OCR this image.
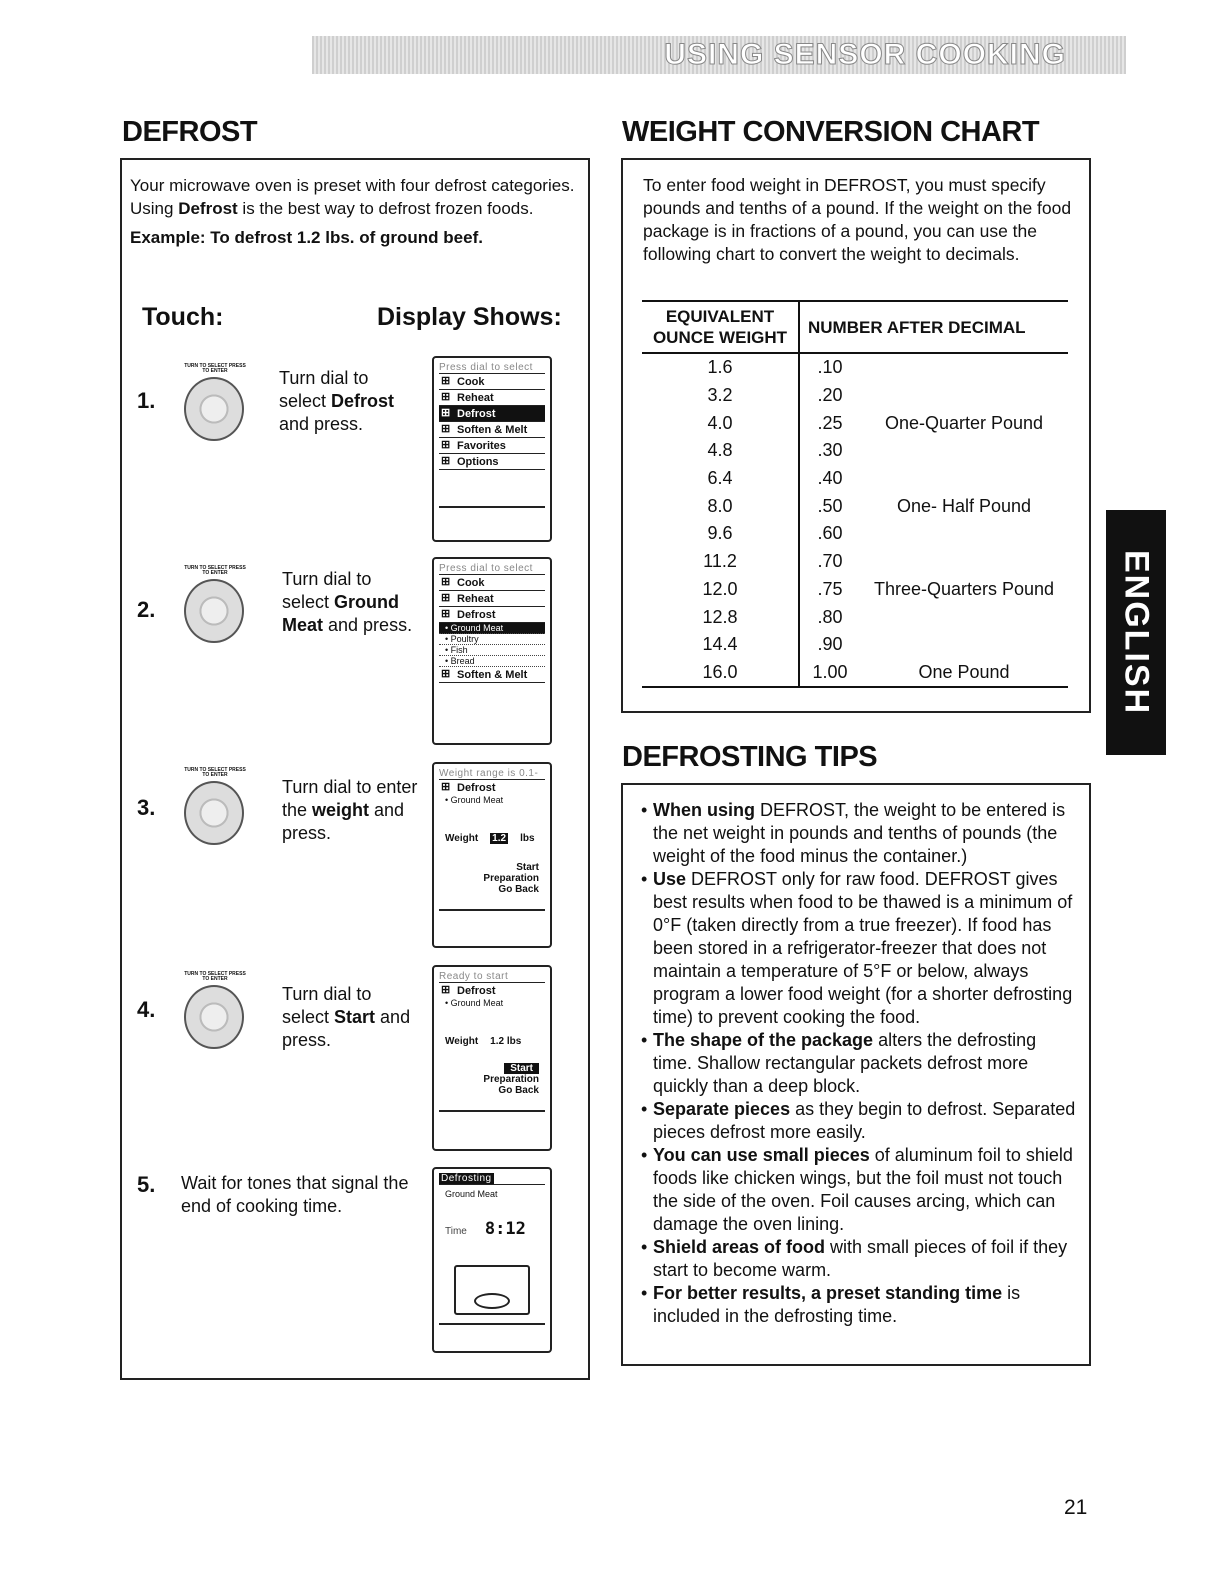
USING SENSOR COOKING
DEFROST

Your microwave oven is preset with four defrost categories. Using Defrost is the best way to defrost frozen foods.

Example: To defrost 1.2 lbs. of ground beef.

Touch:	Display Shows:
1.
TURN TO SELECT PRESS TO ENTER	Turn dial to select Defrost and press.
Press dial to select
⊞ Cook
⊞ Reheat
⊞ Defrost
⊞ Soften & Melt
⊞ Favorites
⊞ Options
2.
TURN TO SELECT PRESS TO ENTER	Turn dial to select Ground Meat and press.
Press dial to select
⊞ Cook
⊞ Reheat
⊞ Defrost
• Ground Meat
• Poultry
• Fish
• Bread
⊞ Soften & Melt
3.
TURN TO SELECT PRESS TO ENTER
Turn dial to enter the weight and press.
Weight range is 0.1-
⊞ Defrost
• Ground Meat
Weight 1.2 lbs
Start
Preparation
Go Back
4.
TURN TO SELECT PRESS TO ENTER
Turn dial to select Start and press.
Ready to start
⊞ Defrost
• Ground Meat
Weight 1.2 lbs
Start
Preparation
Go Back
5. Wait for tones that signal the end of cooking time.
Defrosting
Ground Meat
Time 8:12
WEIGHT CONVERSION CHART

To enter food weight in DEFROST, you must specify pounds and tenths of a pound. If the weight on the food package is in fractions of a pound, you can use the following chart to convert the weight to decimals.

EQUIVALENT OUNCE WEIGHT
NUMBER AFTER DECIMAL
1.6	.10
3.2	.20
4.0	.25	One-Quarter Pound
4.8	.30
6.4	.40
8.0	.50	One- Half Pound
9.6	.60
11.2	.70
12.0	.75	Three-Quarters Pound
12.8	.80
14.4	.90
16.0	1.00	One Pound
DEFROSTING TIPS
• When using DEFROST, the weight to be entered is the net weight in pounds and tenths of pounds (the weight of the food minus the container.)
• Use DEFROST only for raw food. DEFROST gives best results when food to be thawed is a minimum of 0°F (taken directly from a true freezer). If food has been stored in a refrigerator-freezer that does not maintain a temperature of 5°F or below, always program a lower food weight (for a shorter defrosting time) to prevent cooking the food.
• The shape of the package alters the defrosting time. Shallow rectangular packets defrost more quickly than a deep block.
• Separate pieces as they begin to defrost. Separated pieces defrost more easily.
• You can use small pieces of aluminum foil to shield foods like chicken wings, but the foil must not touch the side of the oven. Foil causes arcing, which can damage the oven lining.
• Shield areas of food with small pieces of foil if they start to become warm.
• For better results, a preset standing time is included in the defrosting time.
ENGLISH
21
